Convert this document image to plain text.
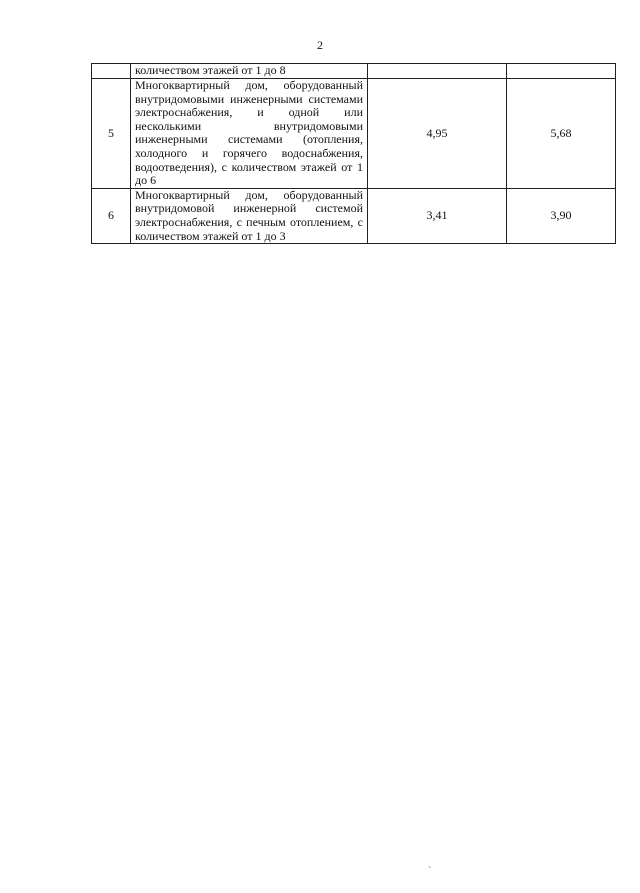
2
	количеством этажей от 1 до 8		
5	Многоквартирный дом, оборудованный внутридомовыми инженерными системами электроснабжения, и одной или несколькими внутридомовыми инженерными системами (отопления, холодного и горячего водоснабжения, водоотведения), с количеством этажей от 1 до 6	4,95	5,68
6	Многоквартирный дом, оборудованный внутридомовой инженерной системой электроснабжения, с печным отоплением, с количеством этажей от 1 до 3	3,41	3,90
`
